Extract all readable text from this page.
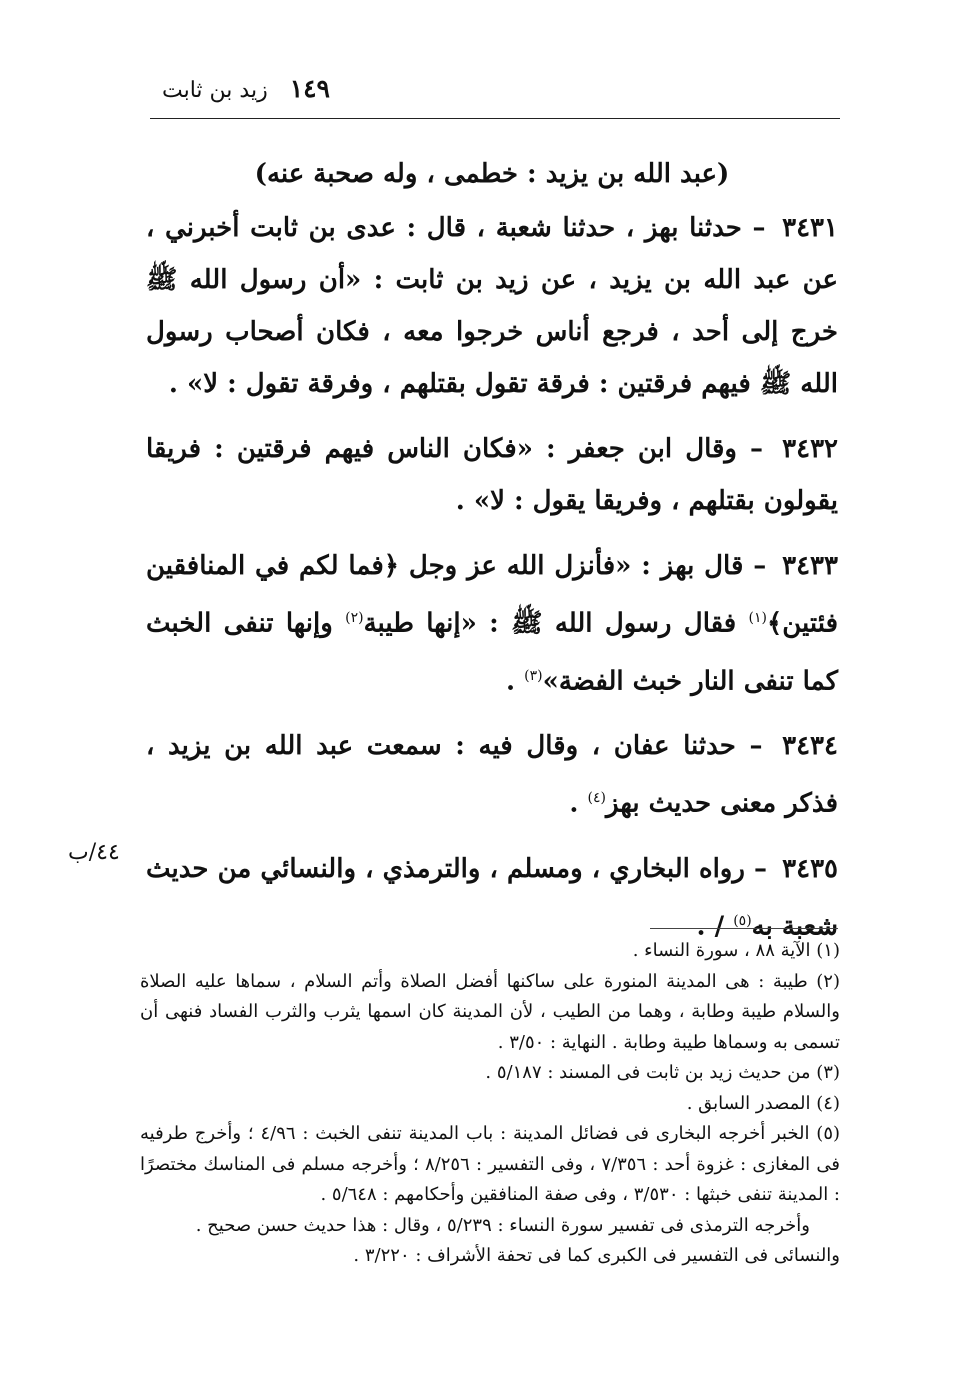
١٤٩
زيد بن ثابت

(عبد الله بن يزيد : خطمى ، وله صحبة عنه)

٣٤٣١ – حدثنا بهز ، حدثنا شعبة ، قال : عدى بن ثابت أخبرني ، عن عبد الله بن يزيد ، عن زيد بن ثابت : «أن رسول الله ﷺ خرج إلى أحد ، فرجع أناس خرجوا معه ، فكان أصحاب رسول الله ﷺ فيهم فرقتين : فرقة تقول بقتلهم ، وفرقة تقول : لا» .

٣٤٣٢ – وقال ابن جعفر : «فكان الناس فيهم فرقتين : فريقا يقولون بقتلهم ، وفريقا يقول : لا» .

٣٤٣٣ – قال بهز : «فأنزل الله عز وجل ﴿فما لكم في المنافقين فئتين﴾$^{(١)}$ فقال رسول الله ﷺ : «إنها طيبة$^{(٢)}$ وإنها تنفى الخبث كما تنفى النار خبث الفضة»$^{(٣)}$ .

٣٤٣٤ – حدثنا عفان ، وقال فيه : سمعت عبد الله بن يزيد ، فذكر معنى حديث بهز$^{(٤)}$ .

٣٤٣٥ – رواه البخاري ، ومسلم ، والترمذي ، والنسائي من حديث شعبة به$^{(٥)}$ / .

٤٤/ب

(١) الآية ٨٨ ، سورة النساء .

(٢) طيبة : هى المدينة المنورة على ساكنها أفضل الصلاة وأتم السلام ، سماها عليه الصلاة والسلام طيبة وطابة ، وهما من الطيب ، لأن المدينة كان اسمها يثرب والثرب الفساد فنهى أن تسمى به وسماها طيبة وطابة . النهاية : ٣/٥٠ .

(٣) من حديث زيد بن ثابت فى المسند : ٥/١٨٧ .

(٤) المصدر السابق .

(٥) الخبر أخرجه البخارى فى فضائل المدينة : باب المدينة تنفى الخبث : ٤/٩٦ ؛ وأخرج طرفيه فى المغازى : غزوة أحد : ٧/٣٥٦ ، وفى التفسير : ٨/٢٥٦ ؛ وأخرجه مسلم فى المناسك مختصرًا : المدينة تنفى خبثها : ٣/٥٣٠ ، وفى صفة المنافقين وأحكامهم : ٥/٦٤٨ .

وأخرجه الترمذى فى تفسير سورة النساء : ٥/٢٣٩ ، وقال : هذا حديث حسن صحيح .

والنسائى فى التفسير فى الكبرى كما فى تحفة الأشراف : ٣/٢٢٠ .
